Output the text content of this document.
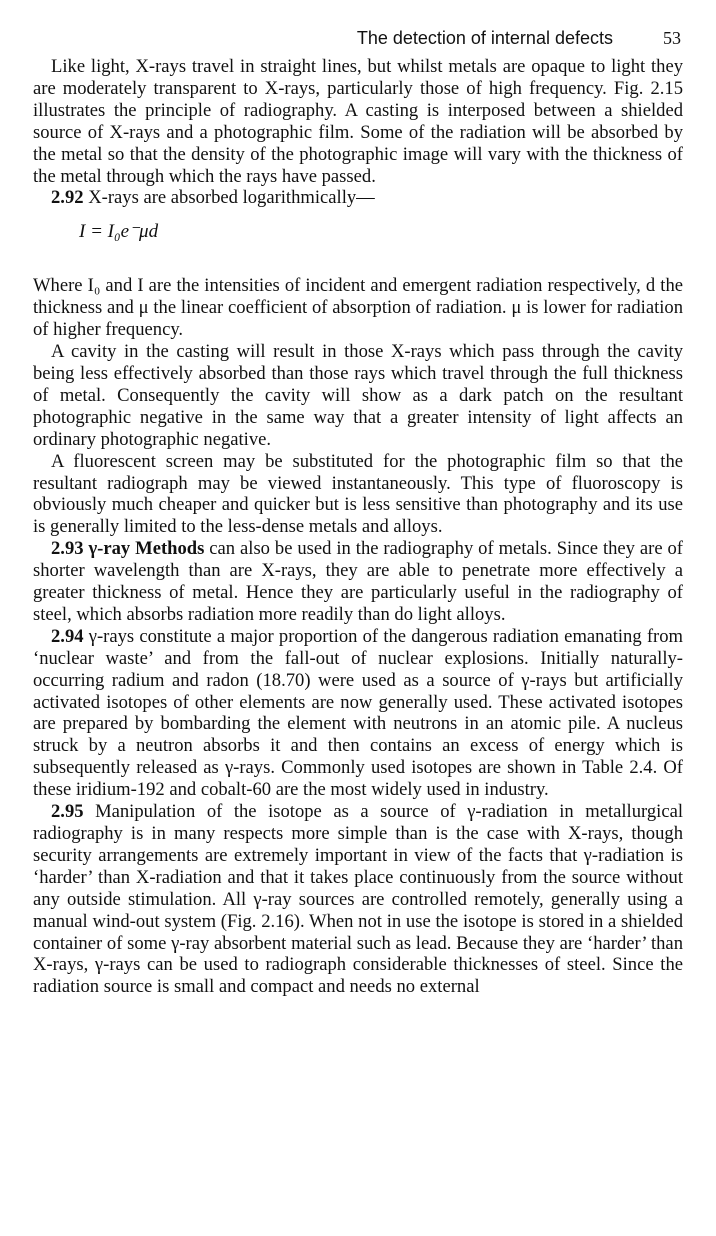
The detection of internal defects	53

Like light, X-rays travel in straight lines, but whilst metals are opaque to light they are moderately transparent to X-rays, particularly those of high frequency. Fig. 2.15 illustrates the principle of radiography. A casting is interposed between a shielded source of X-rays and a photographic film. Some of the radiation will be absorbed by the metal so that the density of the photographic image will vary with the thickness of the metal through which the rays have passed.

2.92 X-rays are absorbed logarithmically—

I = I₀e⁻μd

Where I₀ and I are the intensities of incident and emergent radiation respectively, d the thickness and μ the linear coefficient of absorption of radiation. μ is lower for radiation of higher frequency.

A cavity in the casting will result in those X-rays which pass through the cavity being less effectively absorbed than those rays which travel through the full thickness of metal. Consequently the cavity will show as a dark patch on the resultant photographic negative in the same way that a greater intensity of light affects an ordinary photographic negative.

A fluorescent screen may be substituted for the photographic film so that the resultant radiograph may be viewed instantaneously. This type of fluoroscopy is obviously much cheaper and quicker but is less sensitive than photography and its use is generally limited to the less-dense metals and alloys.

2.93 γ-ray Methods can also be used in the radiography of metals. Since they are of shorter wavelength than are X-rays, they are able to penetrate more effectively a greater thickness of metal. Hence they are particularly useful in the radiography of steel, which absorbs radiation more readily than do light alloys.

2.94 γ-rays constitute a major proportion of the dangerous radiation emanating from ‘nuclear waste’ and from the fall-out of nuclear explosions. Initially naturally-occurring radium and radon (18.70) were used as a source of γ-rays but artificially activated isotopes of other elements are now generally used. These activated isotopes are prepared by bombarding the element with neutrons in an atomic pile. A nucleus struck by a neutron absorbs it and then contains an excess of energy which is subsequently released as γ-rays. Commonly used isotopes are shown in Table 2.4. Of these iridium-192 and cobalt-60 are the most widely used in industry.

2.95 Manipulation of the isotope as a source of γ-radiation in metallurgical radiography is in many respects more simple than is the case with X-rays, though security arrangements are extremely important in view of the facts that γ-radiation is ‘harder’ than X-radiation and that it takes place continuously from the source without any outside stimulation. All γ-ray sources are controlled remotely, generally using a manual wind-out system (Fig. 2.16). When not in use the isotope is stored in a shielded container of some γ-ray absorbent material such as lead. Because they are ‘harder’ than X-rays, γ-rays can be used to radiograph considerable thicknesses of steel. Since the radiation source is small and compact and needs no external
